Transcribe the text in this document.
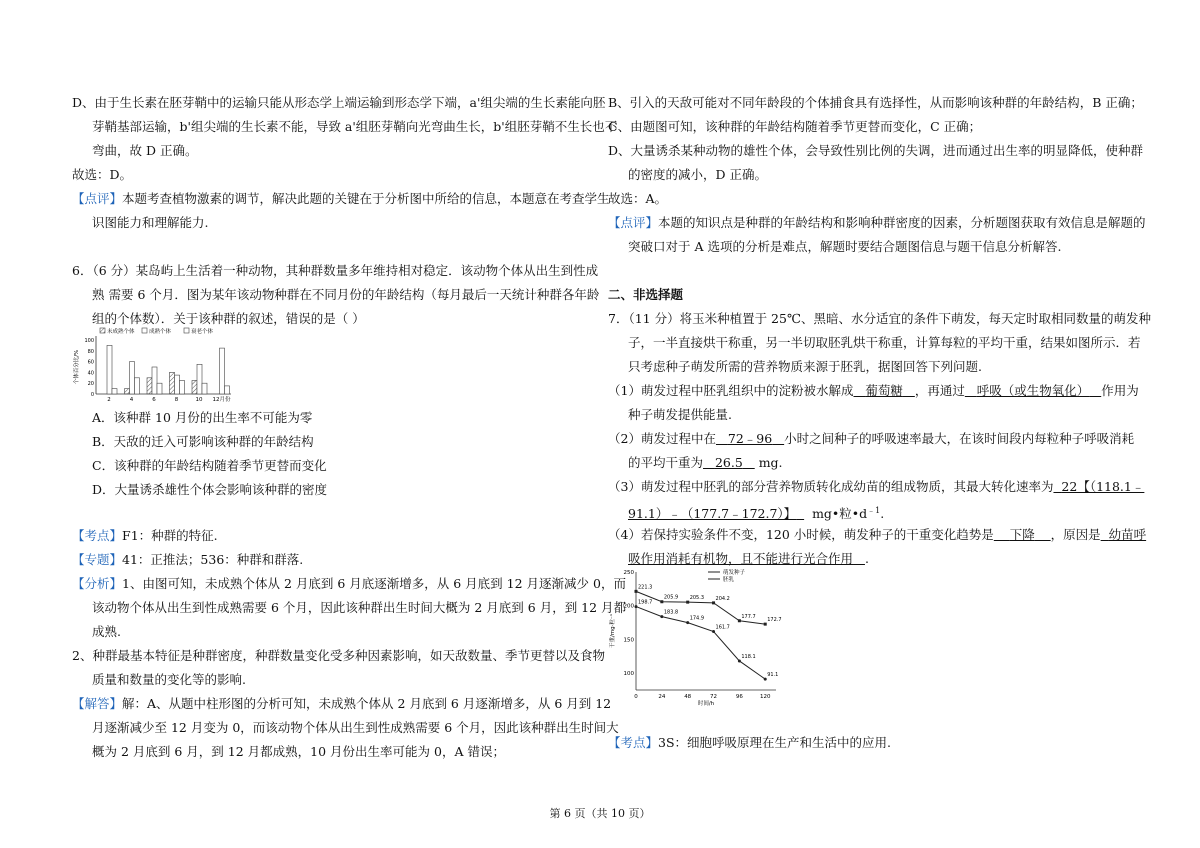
D、由于生长素在胚芽鞘中的运输只能从形态学上端运输到形态学下端，a'组尖端的生长素能向胚
芽鞘基部运输，b'组尖端的生长素不能，导致 a'组胚芽鞘向光弯曲生长，b'组胚芽鞘不生长也不
弯曲，故 D 正确。
故选：D。
【点评】本题考查植物激素的调节，解决此题的关键在于分析图中所给的信息，本题意在考查学生
识图能力和理解能力.
6．（6 分）某岛屿上生活着一种动物，其种群数量多年维持相对稳定．该动物个体从出生到性成
熟 需要 6 个月．图为某年该动物种群在不同月份的年龄结构（每月最后一天统计种群各年龄
组的个体数）．关于该种群的叙述，错误的是（ ）
未成熟个体	成熟个体	衰老个体
0
20
40
60
80
100
个体百分比/%
2	4	6	8	10 12月份
A．该种群 10 月份的出生率不可能为零
B．天敌的迁入可影响该种群的年龄结构
C．该种群的年龄结构随着季节更替而变化
D．大量诱杀雄性个体会影响该种群的密度
【考点】F1：种群的特征.
【专题】41：正推法；536：种群和群落.
【分析】1、由图可知，未成熟个体从 2 月底到 6 月底逐渐增多，从 6 月底到 12 月逐渐减少 0，而
该动物个体从出生到性成熟需要 6 个月，因此该种群出生时间大概为 2 月底到 6 月，到 12 月都
成熟.
2、种群最基本特征是种群密度，种群数量变化受多种因素影响，如天敌数量、季节更替以及食物
质量和数量的变化等的影响.
【解答】解：A、从题中柱形图的分析可知，未成熟个体从 2 月底到 6 月逐渐增多，从 6 月到 12
月逐渐减少至 12 月变为 0，而该动物个体从出生到性成熟需要 6 个月，因此该种群出生时间大
概为 2 月底到 6 月，到 12 月都成熟，10 月份出生率可能为 0，A 错误；
B、引入的天敌可能对不同年龄段的个体捕食具有选择性，从而影响该种群的年龄结构，B 正确；
C、由题图可知，该种群的年龄结构随着季节更替而变化，C 正确；
D、大量诱杀某种动物的雄性个体，会导致性别比例的失调，进而通过出生率的明显降低，使种群
的密度的减小，D 正确。
故选：A。
【点评】本题的知识点是种群的年龄结构和影响种群密度的因素，分析题图获取有效信息是解题的
突破口对于 A 选项的分析是难点，解题时要结合题图信息与题干信息分析解答.
二、非选择题
7．（11 分）将玉米种植置于 25℃、黑暗、水分适宜的条件下萌发，每天定时取相同数量的萌发种
子，一半直接烘干称重，另一半切取胚乳烘干称重，计算每粒的平均干重，结果如图所示．若
只考虑种子萌发所需的营养物质来源于胚乳，据图回答下列问题.
（1）萌发过程中胚乳组织中的淀粉被水解成 葡萄糖 ，再通过 呼吸（或生物氧化） 作用为
种子萌发提供能量.
（2）萌发过程中在 72﹣96 小时之间种子的呼吸速率最大，在该时间段内每粒种子呼吸消耗
的平均干重为 26.5 mg.
（3）萌发过程中胚乳的部分营养物质转化成幼苗的组成物质，其最大转化速率为 22【（118.1﹣
91.1）﹣（177.7﹣172.7）】 mg•粒$•d^{﹣1}$.
（4）若保持实验条件不变，120 小时候，萌发种子的干重变化趋势是 下降 ，原因是 幼苗呼
吸作用消耗有机物，且不能进行光合作用 .
0	24	48	72	96	120
100
150
200
250
时间/h
干重/mg·粒⁻¹
221.3
205.9 205.3 204.2
177.7
172.7
198.7
183.8
174.9
161.7
118.1
91.1
萌发种子
胚乳
【考点】3S：细胞呼吸原理在生产和生活中的应用.
第 6 页（共 10 页）
